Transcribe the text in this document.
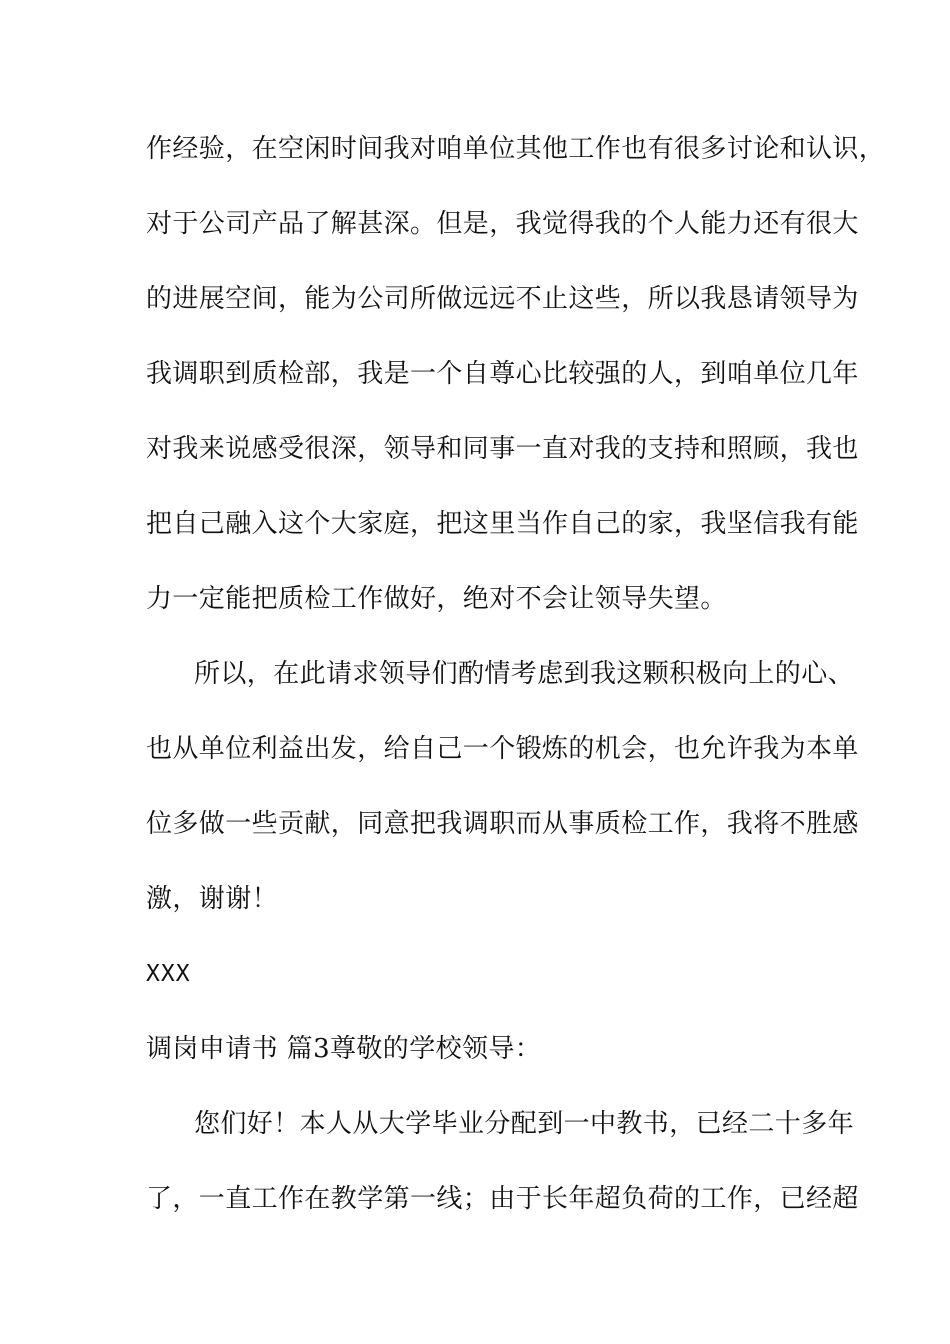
作经验，在空闲时间我对咱单位其他工作也有很多讨论和认识，
对于公司产品了解甚深。但是，我觉得我的个人能力还有很大
的进展空间，能为公司所做远远不止这些，所以我恳请领导为
我调职到质检部，我是一个自尊心比较强的人，到咱单位几年
对我来说感受很深，领导和同事一直对我的支持和照顾，我也
把自己融入这个大家庭，把这里当作自己的家，我坚信我有能
力一定能把质检工作做好，绝对不会让领导失望。
所以，在此请求领导们酌情考虑到我这颗积极向上的心、
也从单位利益出发，给自己一个锻炼的机会，也允许我为本单
位多做一些贡献，同意把我调职而从事质检工作，我将不胜感
激，谢谢！
XXX
调岗申请书 篇3尊敬的学校领导：
您们好！本人从大学毕业分配到一中教书，已经二十多年
了，一直工作在教学第一线；由于长年超负荷的工作，已经超
